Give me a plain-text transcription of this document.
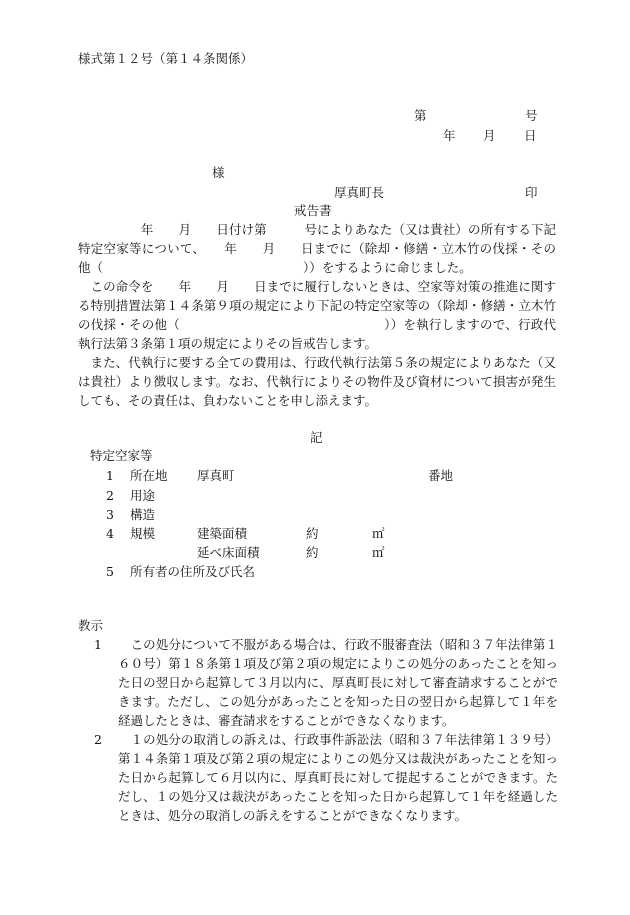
様式第１２号（第１４条関係）
第	号
年 月 日
様
厚真町長	印
戒告書

　　　　　年　　月　　日付け第　　　号によりあなた（又は貴社）の所有する下記特定空家等について、　　年　　月　　日までに（除却・修繕・立木竹の伐採・その他（　　　　　　　　　　　　　　　　））をするように命じました。

この命令を　　年　　月　　日までに履行しないときは、空家等対策の推進に関する特別措置法第１４条第９項の規定により下記の特定空家等の（除却・修繕・立木竹の伐採・その他（　　　　　　　　　　　　　　　　））を執行しますので、行政代執行法第３条第１項の規定によりその旨戒告します。

また、代執行に要する全ての費用は、行政代執行法第５条の規定によりあなた（又は貴社）より徴収します。なお、代執行によりその物件及び資材について損害が発生しても、その責任は、負わないことを申し添えます。

記
特定空家等
1 所在地 厚真町	番地
2 用途
3 構造
4 規模	建築面積	約	㎡
延べ床面積	約	㎡
5 所有者の住所及び氏名
教示
1	　この処分について不服がある場合は、行政不服審査法（昭和３７年法律第１６０号）第１８条第１項及び第２項の規定によりこの処分のあったことを知った日の翌日から起算して３月以内に、厚真町長に対して審査請求することができます。ただし、この処分があったことを知った日の翌日から起算して１年を経過したときは、審査請求をすることができなくなります。
2	　１の処分の取消しの訴えは、行政事件訴訟法（昭和３７年法律第１３９号）第１４条第１項及び第２項の規定によりこの処分又は裁決があったことを知った日から起算して６月以内に、厚真町長に対して提起することができます。ただし、１の処分又は裁決があったことを知った日から起算して１年を経過したときは、処分の取消しの訴えをすることができなくなります。
